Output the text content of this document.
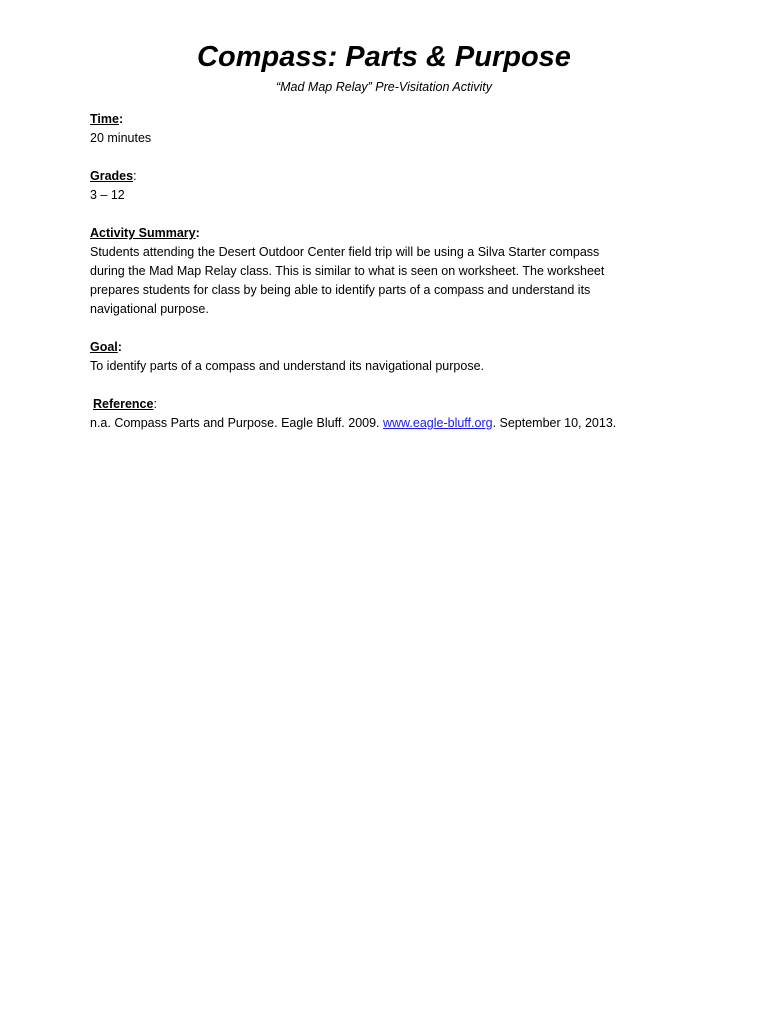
Compass: Parts & Purpose
“Mad Map Relay” Pre-Visitation Activity
Time:
20 minutes
Grades:
3 – 12
Activity Summary:
Students attending the Desert Outdoor Center field trip will be using a Silva Starter compass
during the Mad Map Relay class. This is similar to what is seen on worksheet. The worksheet
prepares students for class by being able to identify parts of a compass and understand its
navigational purpose.
Goal:
To identify parts of a compass and understand its navigational purpose.
Reference:
n.a. Compass Parts and Purpose. Eagle Bluff. 2009. www.eagle-bluff.org. September 10, 2013.
